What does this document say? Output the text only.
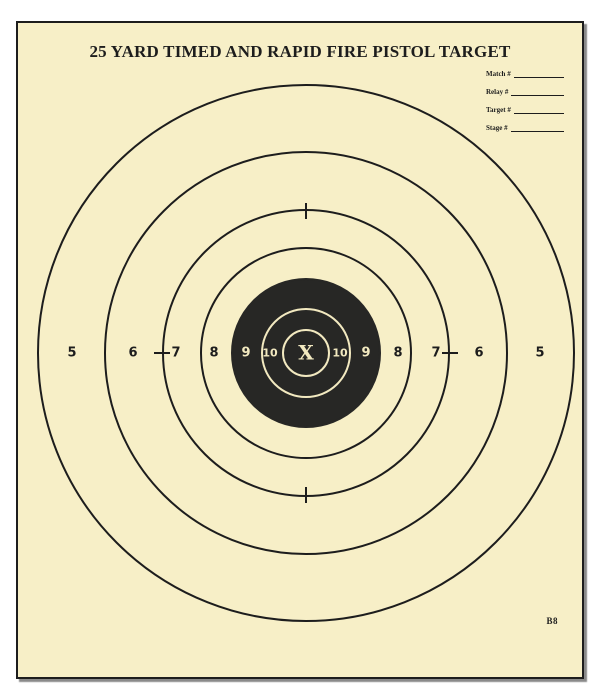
25 YARD TIMED AND RAPID FIRE PISTOL TARGET
Match #
Relay #
Target #
Stage #
5	6	7 8 9 10	10 9 8 7	6	5
X
B8
